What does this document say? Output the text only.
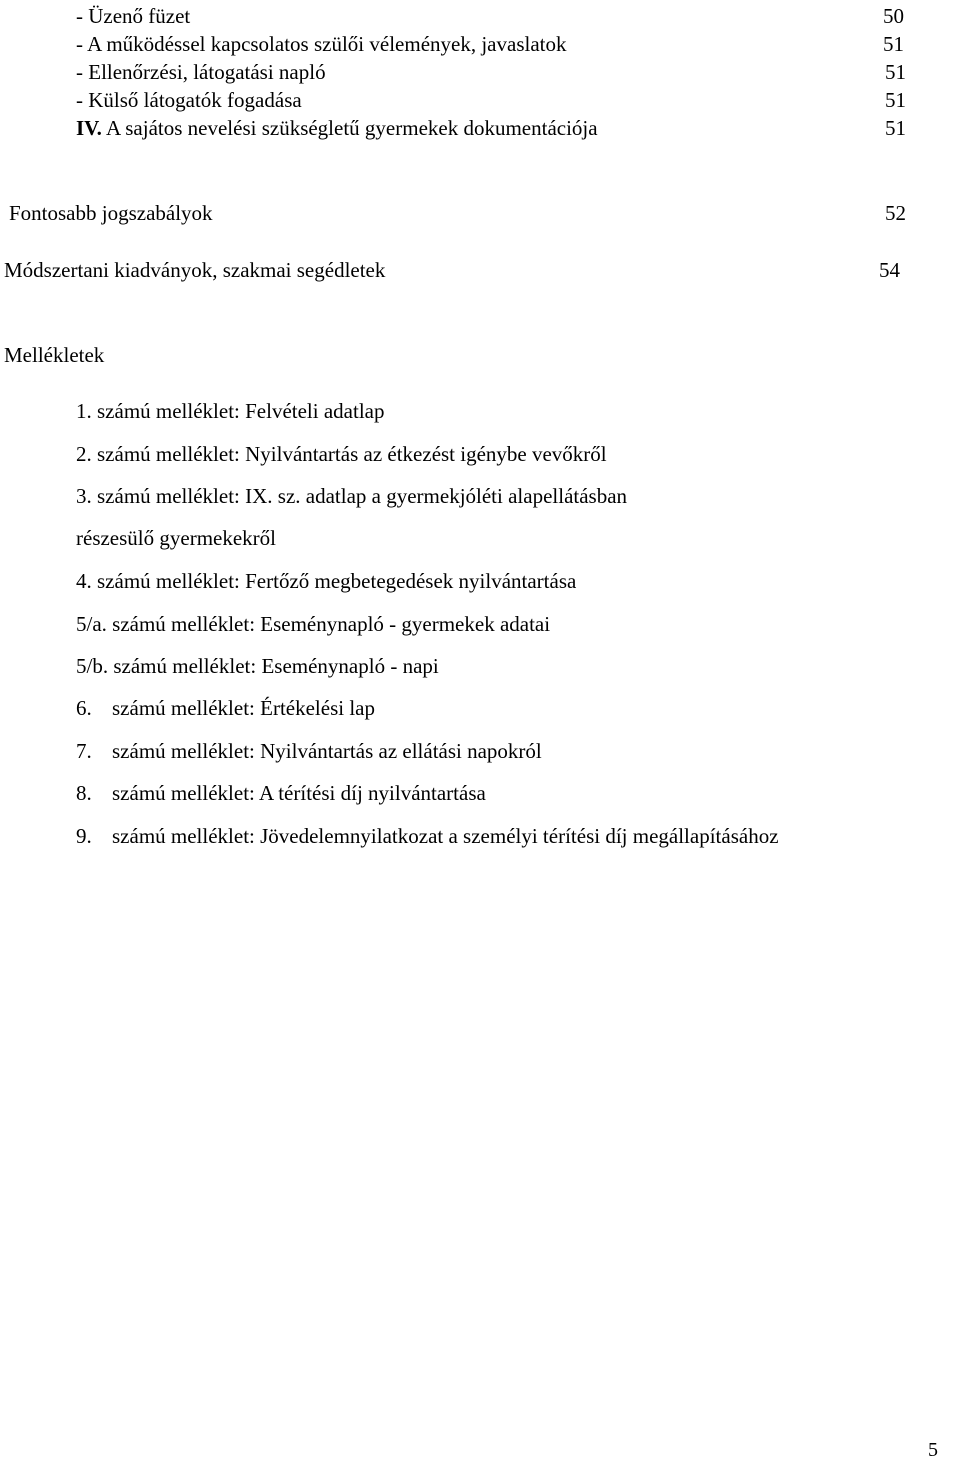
- Üzenő füzet	50
- A működéssel kapcsolatos szülői vélemények, javaslatok	51
- Ellenőrzési, látogatási napló	51
- Külső látogatók fogadása	51
IV. A sajátos nevelési szükségletű gyermekek dokumentációja	51
Fontosabb jogszabályok	52
Módszertani kiadványok, szakmai segédletek	54
Mellékletek
1. számú melléklet: Felvételi adatlap
2. számú melléklet: Nyilvántartás az étkezést igénybe vevőkről
3. számú melléklet: IX. sz. adatlap a gyermekjóléti alapellátásban
részesülő gyermekekről
4. számú melléklet: Fertőző megbetegedések nyilvántartása
5/a. számú melléklet: Eseménynapló - gyermekek adatai
5/b. számú melléklet: Eseménynapló - napi
6. számú melléklet: Értékelési lap
7. számú melléklet: Nyilvántartás az ellátási napokról
8. számú melléklet: A térítési díj nyilvántartása
9. számú melléklet: Jövedelemnyilatkozat a személyi térítési díj megállapításához
5
